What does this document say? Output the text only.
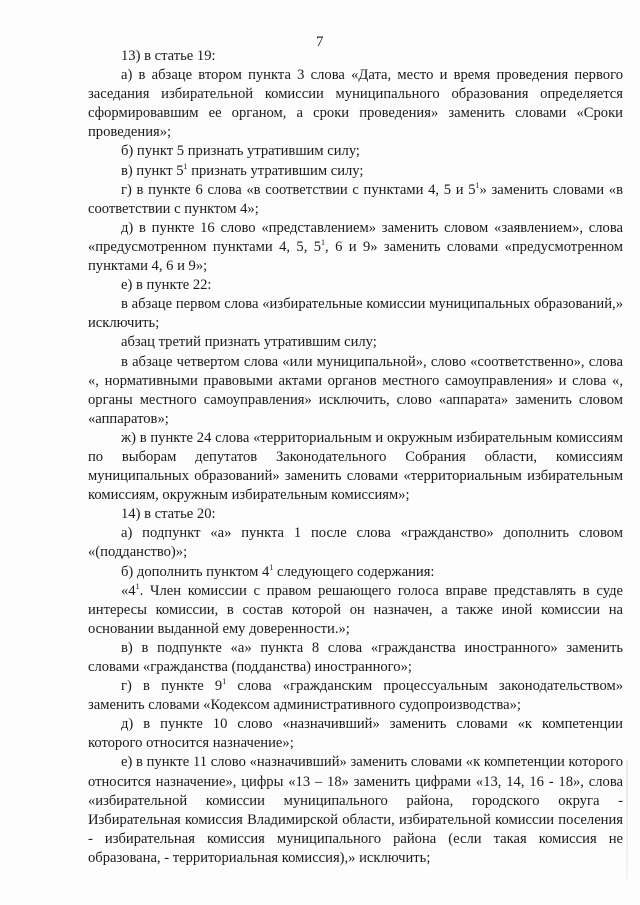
7

13) в статье 19:

а) в абзаце втором пункта 3 слова «Дата, место и время проведения первого заседания избирательной комиссии муниципального образования определяется сформировавшим ее органом, а сроки проведения» заменить словами «Сроки проведения»;

б) пункт 5 признать утратившим силу;

в) пункт $5^1$ признать утратившим силу;

г) в пункте 6 слова «в соответствии с пунктами 4, 5 и $5^1$» заменить словами «в соответствии с пунктом 4»;

д) в пункте 16 слово «представлением» заменить словом «заявлением», слова «предусмотренном пунктами 4, 5, $5^1$, 6 и 9» заменить словами «предусмотренном пунктами 4, 6 и 9»;

е) в пункте 22:

в абзаце первом слова «избирательные комиссии муниципальных образований,» исключить;

абзац третий признать утратившим силу;

в абзаце четвертом слова «или муниципальной», слово «соответственно», слова «, нормативными правовыми актами органов местного самоуправления» и слова «, органы местного самоуправления» исключить, слово «аппарата» заменить словом «аппаратов»;

ж) в пункте 24 слова «территориальным и окружным избирательным комиссиям по выборам депутатов Законодательного Собрания области, комиссиям муниципальных образований» заменить словами «территориальным избирательным комиссиям, окружным избирательным комиссиям»;

14) в статье 20:

а) подпункт «а» пункта 1 после слова «гражданство» дополнить словом «(подданство)»;

б) дополнить пунктом $4^1$ следующего содержания:

«$4^1$. Член комиссии с правом решающего голоса вправе представлять в суде интересы комиссии, в состав которой он назначен, а также иной комиссии на основании выданной ему доверенности.»;

в) в подпункте «а» пункта 8 слова «гражданства иностранного» заменить словами «гражданства (подданства) иностранного»;

г) в пункте $9^1$ слова «гражданским процессуальным законодательством» заменить словами «Кодексом административного судопроизводства»;

д) в пункте 10 слово «назначивший» заменить словами «к компетенции которого относится назначение»;

е) в пункте 11 слово «назначивший» заменить словами «к компетенции которого относится назначение», цифры «13 – 18» заменить цифрами «13, 14, 16 - 18», слова «избирательной комиссии муниципального района, городского округа - Избирательная комиссия Владимирской области, избирательной комиссии поселения - избирательная комиссия муниципального района (если такая комиссия не образована, - территориальная комиссия),» исключить;
